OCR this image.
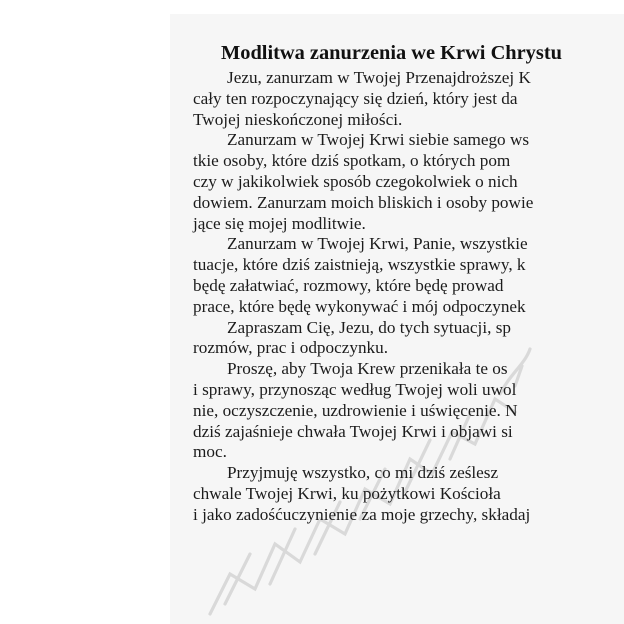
Modlitwa zanurzenia we Krwi Chrystu
Jezu, zanurzam w Twojej Przenajdroższej K
cały ten rozpoczynający się dzień, który jest da
Twojej nieskończonej miłości.
Zanurzam w Twojej Krwi siebie samego ws
tkie osoby, które dziś spotkam, o których pom
czy w jakikolwiek sposób czegokolwiek o nich
dowiem. Zanurzam moich bliskich i osoby powie
jące się mojej modlitwie.
Zanurzam w Twojej Krwi, Panie, wszystkie
tuacje, które dziś zaistnieją, wszystkie sprawy, k
będę załatwiać, rozmowy, które będę prowad
prace, które będę wykonywać i mój odpoczynek
Zapraszam Cię, Jezu, do tych sytuacji, sp
rozmów, prac i odpoczynku.
Proszę, aby Twoja Krew przenikała te os
i sprawy, przynosząc według Twojej woli uwol
nie, oczyszczenie, uzdrowienie i uświęcenie. N
dziś zajaśnieje chwała Twojej Krwi i objawi si
moc.
Przyjmuję wszystko, co mi dziś ześlesz
chwale Twojej Krwi, ku pożytkowi Kościoła
i jako zadośćuczynienie za moje grzechy, składaj
